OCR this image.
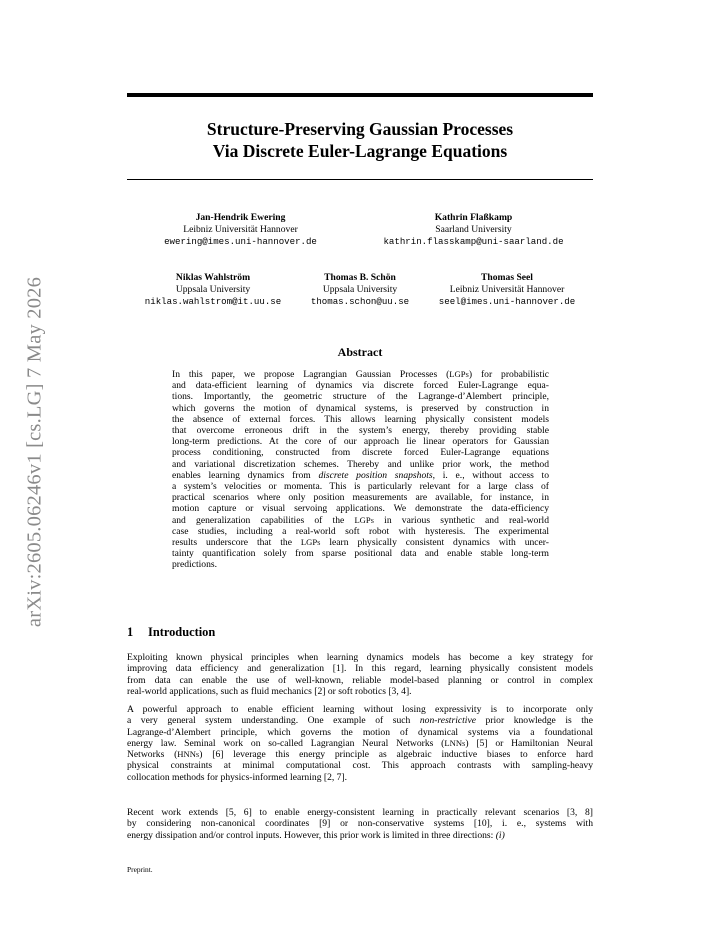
arXiv:2605.06246v1 [cs.LG] 7 May 2026
Structure-Preserving Gaussian Processes
Via Discrete Euler-Lagrange Equations
Jan-Hendrik Ewering
Leibniz Universität Hannover
ewering@imes.uni-hannover.de
Kathrin Flaßkamp
Saarland University
kathrin.flasskamp@uni-saarland.de
Niklas Wahlström
Uppsala University
niklas.wahlstrom@it.uu.se
Thomas B. Schön
Uppsala University
thomas.schon@uu.se
Thomas Seel
Leibniz Universität Hannover
seel@imes.uni-hannover.de
Abstract
In this paper, we propose Lagrangian Gaussian Processes (LGPs) for probabilistic
and data-efficient learning of dynamics via discrete forced Euler-Lagrange equa-
tions. Importantly, the geometric structure of the Lagrange-d’Alembert principle,
which governs the motion of dynamical systems, is preserved by construction in
the absence of external forces. This allows learning physically consistent models
that overcome erroneous drift in the system’s energy, thereby providing stable
long-term predictions. At the core of our approach lie linear operators for Gaussian
process conditioning, constructed from discrete forced Euler-Lagrange equations
and variational discretization schemes. Thereby and unlike prior work, the method
enables learning dynamics from discrete position snapshots, i. e., without access to
a system’s velocities or momenta. This is particularly relevant for a large class of
practical scenarios where only position measurements are available, for instance, in
motion capture or visual servoing applications. We demonstrate the data-efficiency
and generalization capabilities of the LGPs in various synthetic and real-world
case studies, including a real-world soft robot with hysteresis. The experimental
results underscore that the LGPs learn physically consistent dynamics with uncer-
tainty quantification solely from sparse positional data and enable stable long-term
predictions.
1 Introduction
Exploiting known physical principles when learning dynamics models has become a key strategy for
improving data efficiency and generalization [1]. In this regard, learning physically consistent models
from data can enable the use of well-known, reliable model-based planning or control in complex
real-world applications, such as fluid mechanics [2] or soft robotics [3, 4].
A powerful approach to enable efficient learning without losing expressivity is to incorporate only
a very general system understanding. One example of such non-restrictive prior knowledge is the
Lagrange-d’Alembert principle, which governs the motion of dynamical systems via a foundational
energy law. Seminal work on so-called Lagrangian Neural Networks (LNNs) [5] or Hamiltonian Neural
Networks (HNNs) [6] leverage this energy principle as algebraic inductive biases to enforce hard
physical constraints at minimal computational cost. This approach contrasts with sampling-heavy
collocation methods for physics-informed learning [2, 7].
Recent work extends [5, 6] to enable energy-consistent learning in practically relevant scenarios [3, 8]
by considering non-canonical coordinates [9] or non-conservative systems [10], i. e., systems with
energy dissipation and/or control inputs. However, this prior work is limited in three directions: (i)
Preprint.
